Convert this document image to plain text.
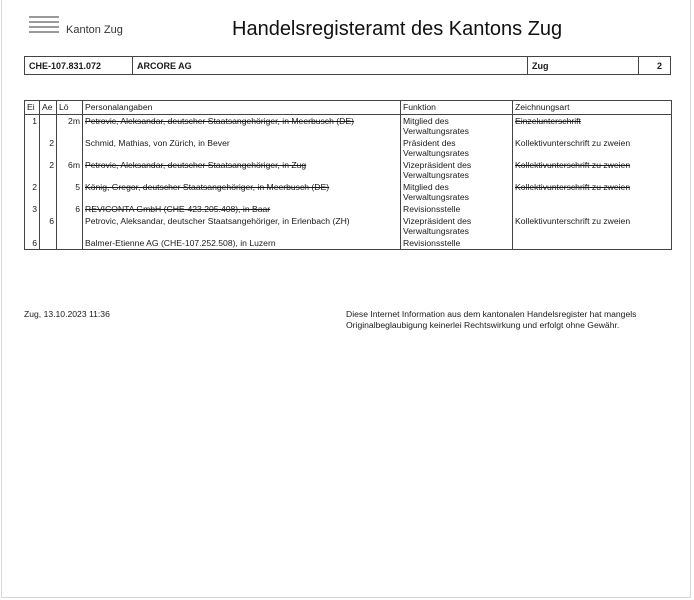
Kanton Zug	Handelsregisteramt des Kantons Zug
CHE-107.831.072	ARCORE AG	Zug	2
Ei	Ae	Lö	Personalangaben	Funktion	Zeichnungsart
1		2m	Petrovic, Aleksandar, deutscher Staatsangehöriger, in Meerbusch (DE)	Mitglied des Verwaltungsrates	Einzelunterschrift
	2		Schmid, Mathias, von Zürich, in Bever	Präsident des Verwaltungsrates	Kollektivunterschrift zu zweien
	2	6m	Petrovic, Aleksandar, deutscher Staatsangehöriger, in Zug	Vizepräsident des Verwaltungsrates	Kollektivunterschrift zu zweien
2		5	König, Gregor, deutscher Staatsangehöriger, in Meerbusch (DE)	Mitglied des Verwaltungsrates	Kollektivunterschrift zu zweien
3		6	REVICONTA GmbH (CHE-423.205.408), in Baar	Revisionsstelle	
	6		Petrovic, Aleksandar, deutscher Staatsangehöriger, in Erlenbach (ZH)	Vizepräsident des Verwaltungsrates	Kollektivunterschrift zu zweien
6			Balmer-Etienne AG (CHE-107.252.508), in Luzern	Revisionsstelle	
Zug, 13.10.2023 11:36	Diese Internet Information aus dem kantonalen Handelsregister hat mangels Originalbeglaubigung keinerlei Rechtswirkung und erfolgt ohne Gewähr.
